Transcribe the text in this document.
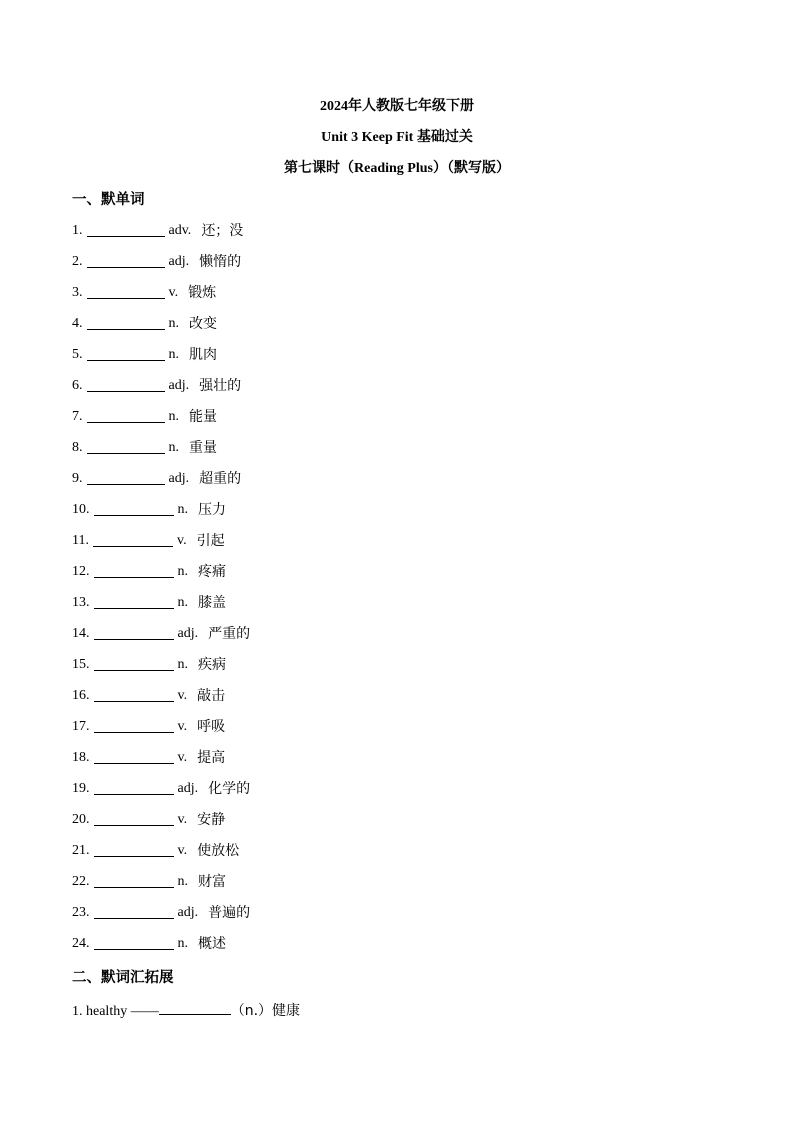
2024年人教版七年级下册
Unit 3 Keep Fit 基础过关
第七课时（Reading Plus）（默写版）
一、默单词
1.	adv. 还；没
2.	adj. 懒惰的
3.	v. 锻炼
4.	n. 改变
5.	n. 肌肉
6.	adj. 强壮的
7.	n. 能量
8.	n. 重量
9.	adj. 超重的
10.	n. 压力
11.	v. 引起
12.	n. 疼痛
13.	n. 膝盖
14.	adj. 严重的
15.	n. 疾病
16.	v. 敲击
17.	v. 呼吸
18.	v. 提高
19.	adj. 化学的
20.	v. 安静
21.	v. 使放松
22.	n. 财富
23.	adj. 普遍的
24.	n. 概述
二、默词汇拓展
1. healthy ——	（n.）健康
